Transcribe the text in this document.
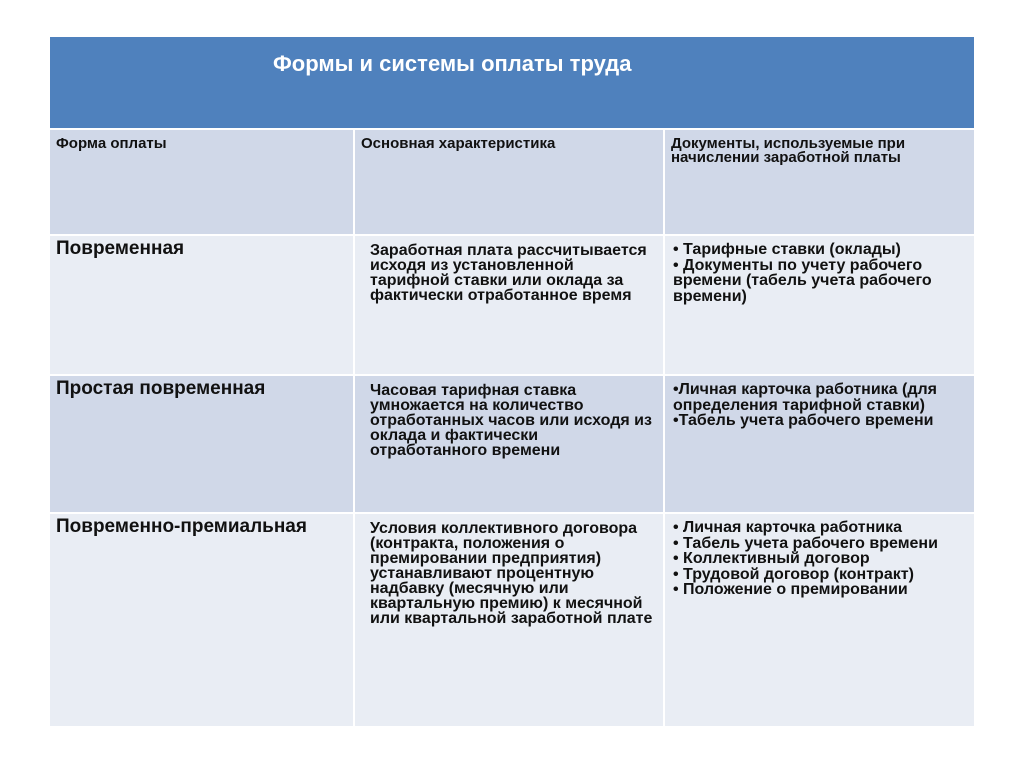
Формы и системы оплаты труда		

Форма оплаты	Основная характеристика	Документы, используемые при начислении заработной платы

Повременная	Заработная плата рассчитывается исходя из установленной тарифной ставки или оклада за фактически отработанное время	• Тарифные ставки (оклады)
• Документы по учету рабочего времени (табель учета рабочего времени)

Простая повременная	Часовая тарифная ставка умножается на количество отработанных часов или исходя из оклада и фактически отработанного времени	•Личная карточка работника (для определения тарифной ставки)
•Табель учета рабочего времени

Повременно-премиальная	Условия коллективного договора (контракта, положения о премировании предприятия) устанавливают процентную надбавку (месячную или квартальную премию) к месячной или квартальной заработной плате	• Личная карточка работника
• Табель учета рабочего времени
• Коллективный договор
• Трудовой договор (контракт)
• Положение о премировании
